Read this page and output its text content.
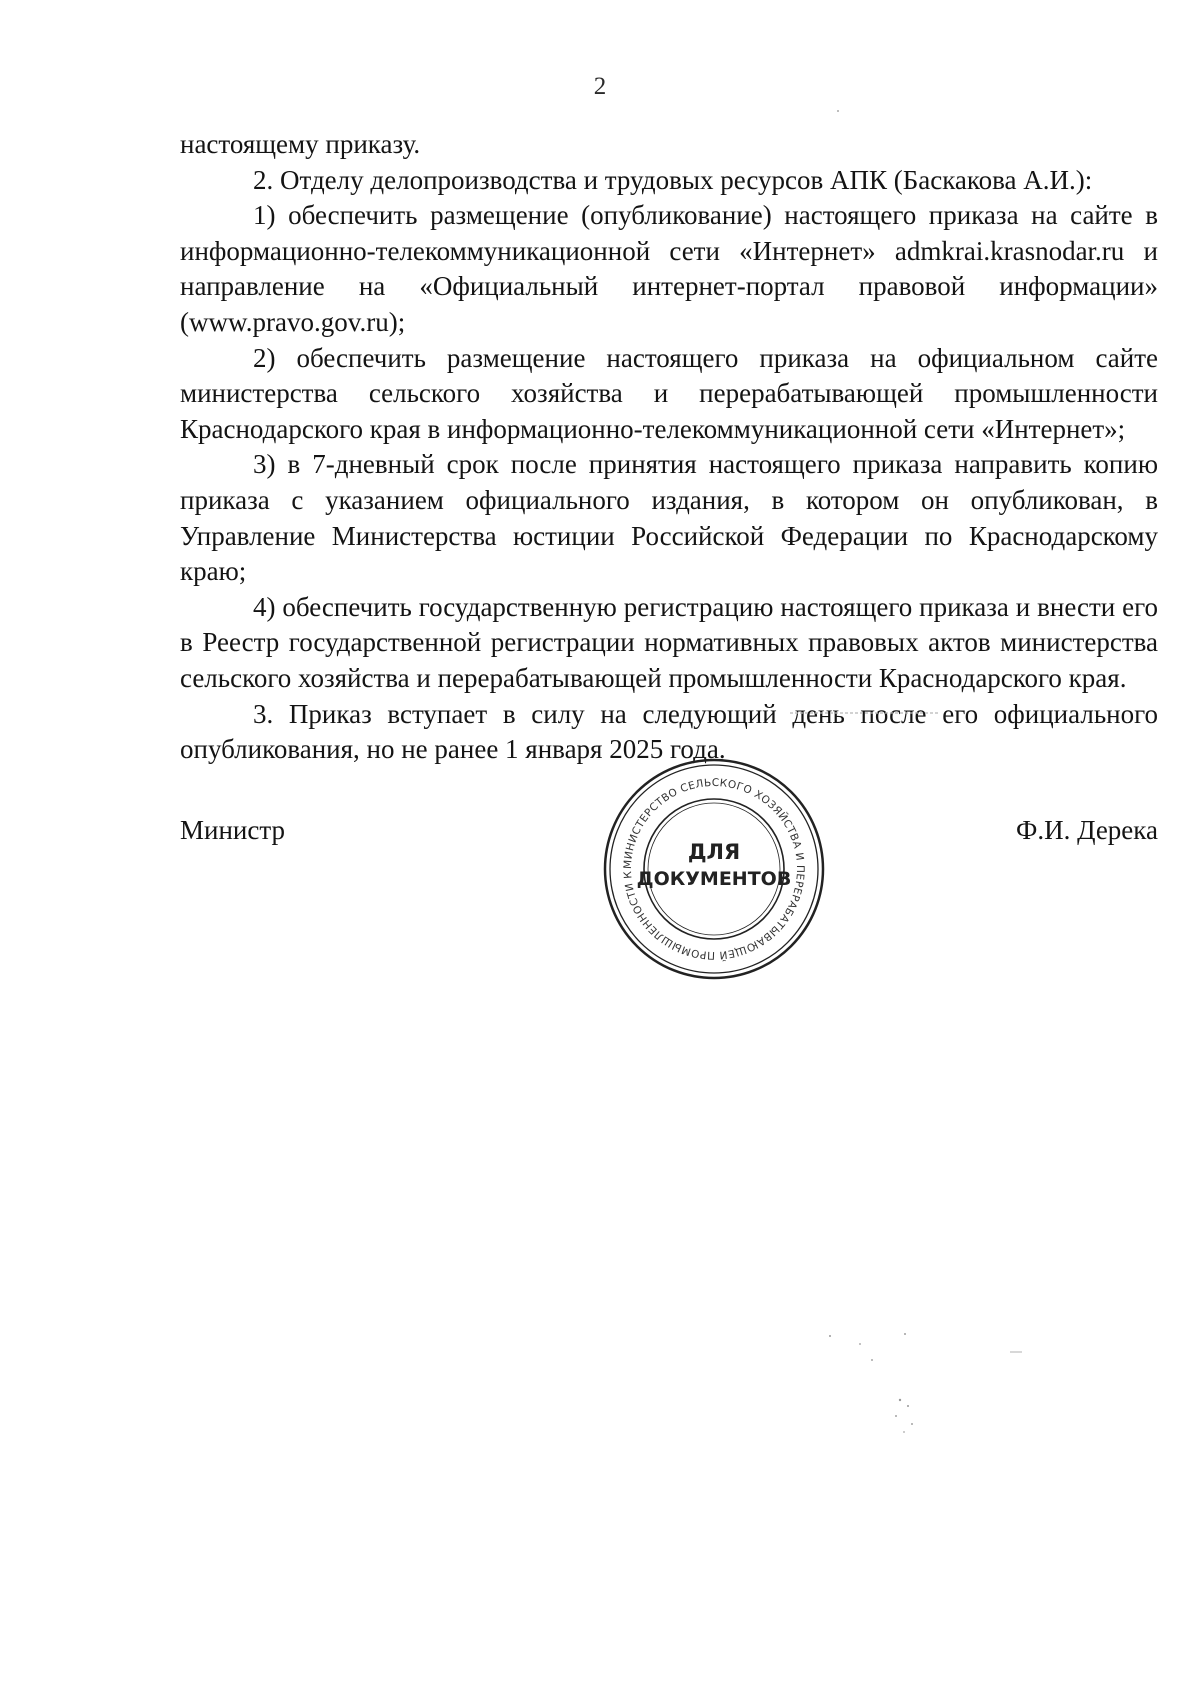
2

настоящему приказу.

2. Отделу делопроизводства и трудовых ресурсов АПК (Баскакова А.И.):

1) обеспечить размещение (опубликование) настоящего приказа на сайте в информационно-телекоммуникационной сети «Интернет» admkrai.krasnodar.ru и направление на «Официальный интернет-портал правовой информации» (www.pravo.gov.ru);

2) обеспечить размещение настоящего приказа на официальном сайте министерства сельского хозяйства и перерабатывающей промышленности Краснодарского края в информационно-телекоммуникационной сети «Интернет»;

3) в 7-дневный срок после принятия настоящего приказа направить копию приказа с указанием официального издания, в котором он опубликован, в Управление Министерства юстиции Российской Федерации по Краснодарскому краю;

4) обеспечить государственную регистрацию настоящего приказа и внести его в Реестр государственной регистрации нормативных правовых актов министерства сельского хозяйства и перерабатывающей промышленности Краснодарского края.

3. Приказ вступает в силу на следующий день после его официального опубликования, но не ранее 1 января 2025 года.

Министр	Ф.И. Дерека
МИНИСТЕРСТВО СЕЛЬСКОГО ХОЗЯЙСТВА И ПЕРЕРАБАТЫВАЮЩЕЙ ПРОМЫШЛЕННОСТИ К
ДЛЯ
ДОКУМЕНТОВ
